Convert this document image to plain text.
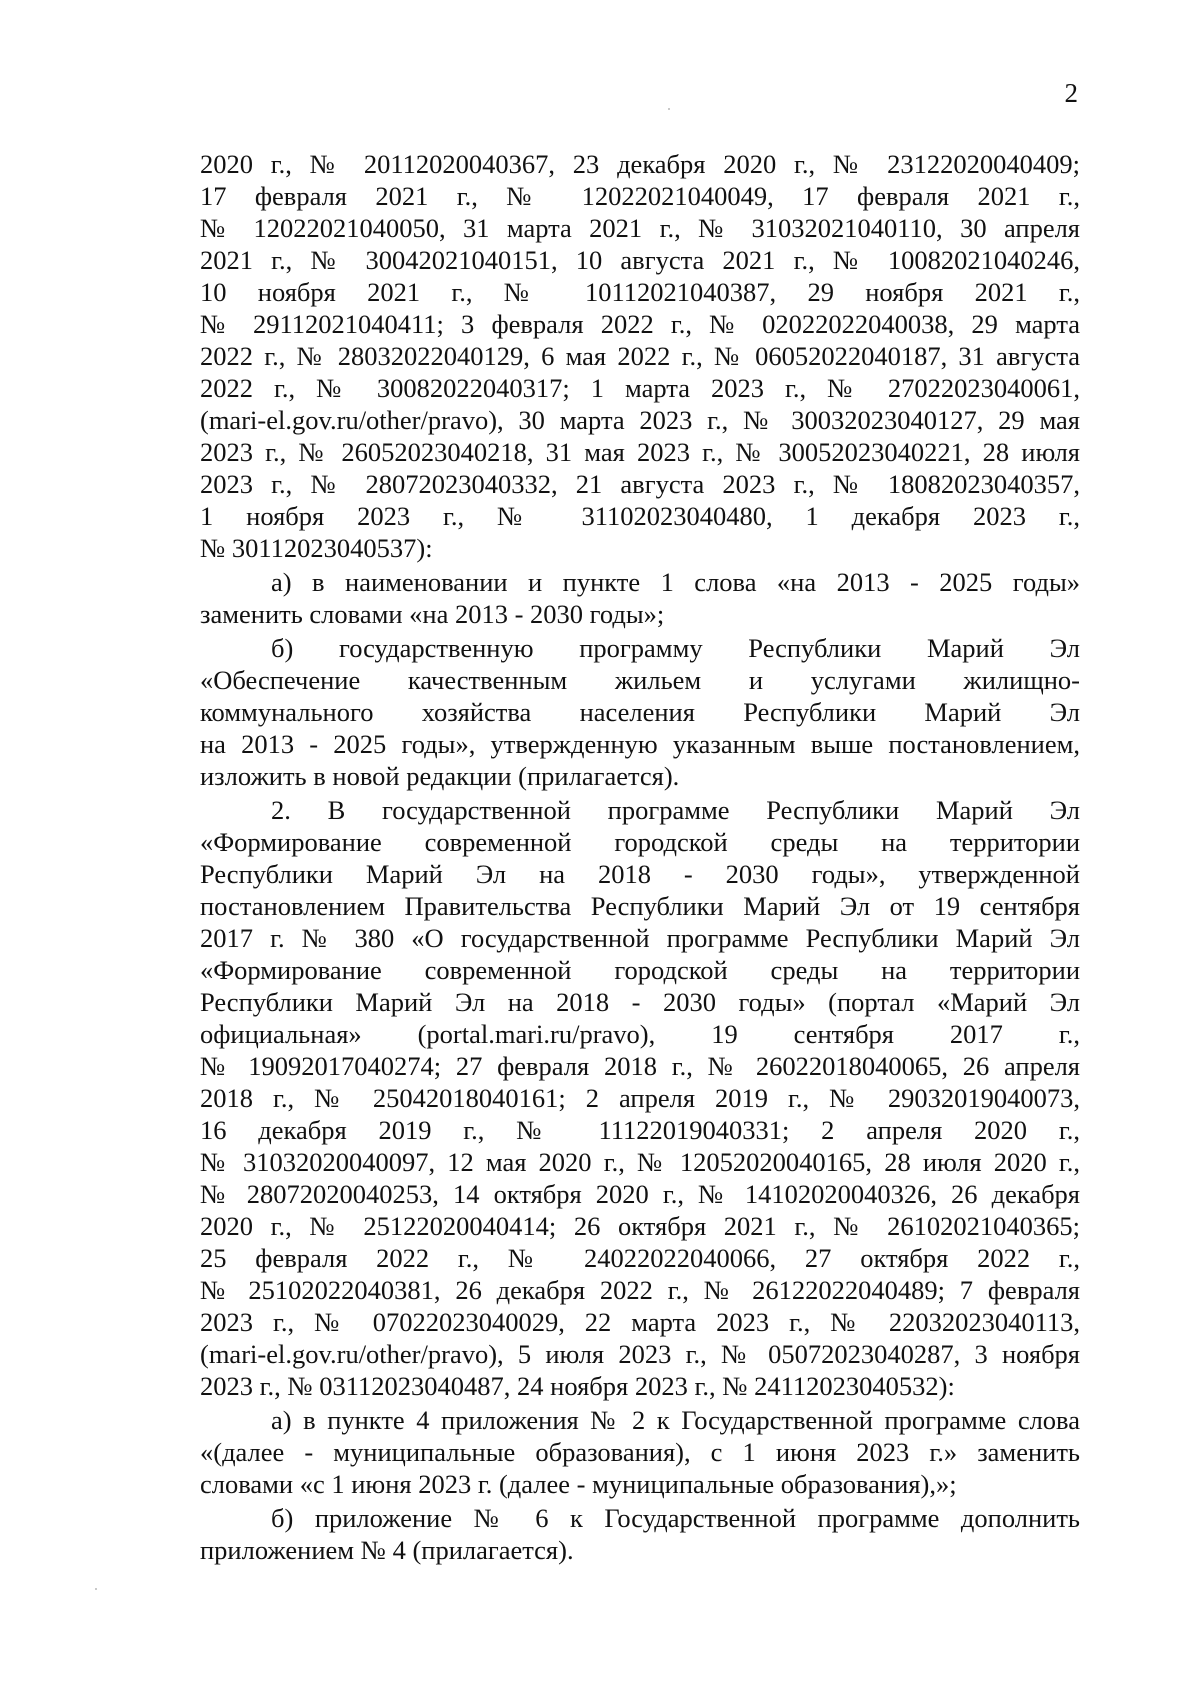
2
2020 г., № 20112020040367, 23 декабря 2020 г., № 23122020040409;
17 февраля 2021 г., № 12022021040049, 17 февраля 2021 г.,
№ 12022021040050, 31 марта 2021 г., № 31032021040110, 30 апреля
2021 г., № 30042021040151, 10 августа 2021 г., № 10082021040246,
10 ноября 2021 г., № 10112021040387, 29 ноября 2021 г.,
№ 29112021040411; 3 февраля 2022 г., № 02022022040038, 29 марта
2022 г., № 28032022040129, 6 мая 2022 г., № 06052022040187, 31 августа
2022 г., № 30082022040317; 1 марта 2023 г., № 27022023040061,
(mari-el.gov.ru/other/pravo), 30 марта 2023 г., № 30032023040127, 29 мая
2023 г., № 26052023040218, 31 мая 2023 г., № 30052023040221, 28 июля
2023 г., № 28072023040332, 21 августа 2023 г., № 18082023040357,
1 ноября 2023 г., № 31102023040480, 1 декабря 2023 г.,
№ 30112023040537):
а) в наименовании и пункте 1 слова «на 2013 - 2025 годы»
заменить словами «на 2013 - 2030 годы»;
б) государственную программу Республики Марий Эл
«Обеспечение качественным жильем и услугами жилищно-
коммунального хозяйства населения Республики Марий Эл
на 2013 - 2025 годы», утвержденную указанным выше постановлением,
изложить в новой редакции (прилагается).
2. В государственной программе Республики Марий Эл
«Формирование современной городской среды на территории
Республики Марий Эл на 2018 - 2030 годы», утвержденной
постановлением Правительства Республики Марий Эл от 19 сентября
2017 г. № 380 «О государственной программе Республики Марий Эл
«Формирование современной городской среды на территории
Республики Марий Эл на 2018 - 2030 годы» (портал «Марий Эл
официальная» (portal.mari.ru/pravo), 19 сентября 2017 г.,
№ 19092017040274; 27 февраля 2018 г., № 26022018040065, 26 апреля
2018 г., № 25042018040161; 2 апреля 2019 г., № 29032019040073,
16 декабря 2019 г., № 11122019040331; 2 апреля 2020 г.,
№ 31032020040097, 12 мая 2020 г., № 12052020040165, 28 июля 2020 г.,
№ 28072020040253, 14 октября 2020 г., № 14102020040326, 26 декабря
2020 г., № 25122020040414; 26 октября 2021 г., № 26102021040365;
25 февраля 2022 г., № 24022022040066, 27 октября 2022 г.,
№ 25102022040381, 26 декабря 2022 г., № 26122022040489; 7 февраля
2023 г., № 07022023040029, 22 марта 2023 г., № 22032023040113,
(mari-el.gov.ru/other/pravo), 5 июля 2023 г., № 05072023040287, 3 ноября
2023 г., № 03112023040487, 24 ноября 2023 г., № 24112023040532):
а) в пункте 4 приложения № 2 к Государственной программе слова
«(далее - муниципальные образования), с 1 июня 2023 г.» заменить
словами «с 1 июня 2023 г. (далее - муниципальные образования),»;
б) приложение № 6 к Государственной программе дополнить
приложением № 4 (прилагается).
